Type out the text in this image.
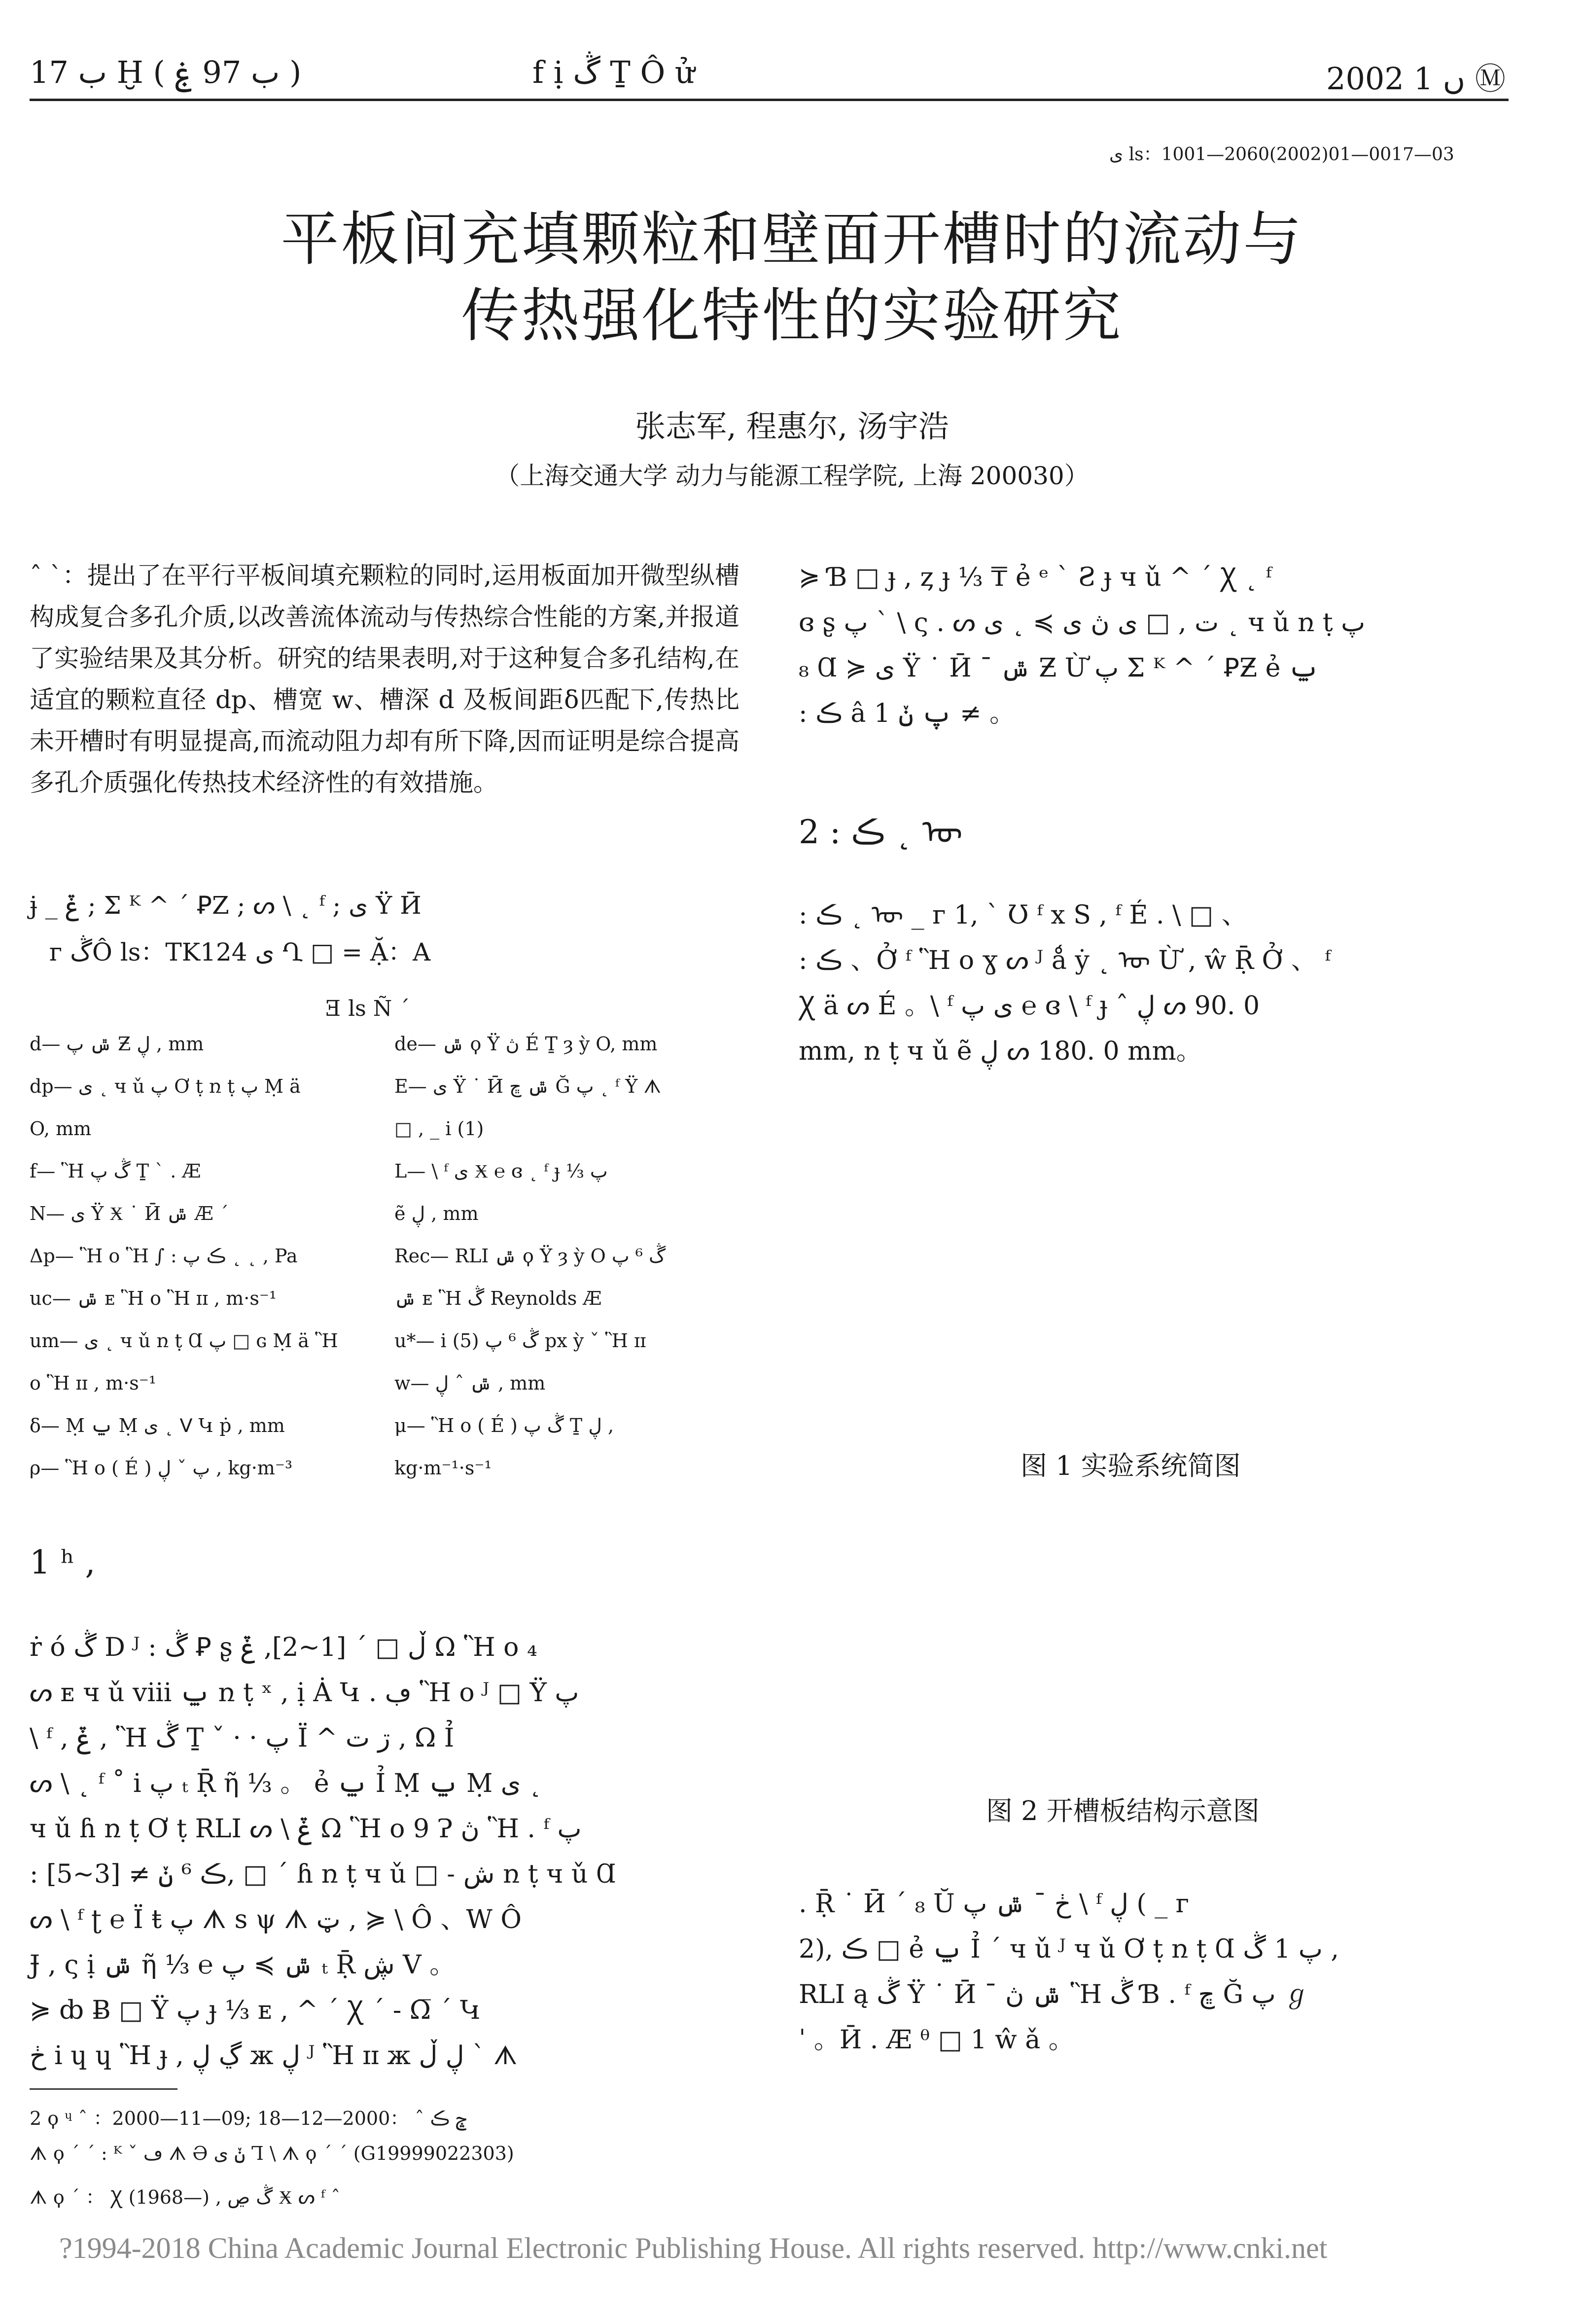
ب 17 Ḫ ( ب 97 ۼ )	f ị ڴ Ṯ Ô ử	2002 ں 1 Ⓜ
ى ls：1001—2060(2002)01—0017—03
平板间充填颗粒和壁面开槽时的流动与
传热强化特性的实验研究
张志军, 程惠尔, 汤宇浩
（上海交通大学 动力与能源工程学院, 上海 200030）
ˆ ˋ：提出了在平行平板间填充颗粒的同时,运用板面加开微型纵槽构成复合多孔介质,以改善流体流动与传热综合性能的方案,并报道了实验结果及其分析。研究的结果表明,对于这种复合多孔结构,在适宜的颗粒直径 dp、槽宽 w、槽深 d 及板间距δ匹配下,传热比未开槽时有明显提高,而流动阻力却有所下降,因而证明是综合提高多孔介质强化传热技术经济性的有效措施。
ɉ _ ݞ ; Σ ᴷ ^ ˊ ꝐZ ; ᔕ \ ˛ ᶠ ; ى Ÿ Ӣ
ᴦ ڴÔ ls：TK124 ى Ղ □ = Ặ：A
Ǝ ls Ñ ˊ
d— ݜ پ Ƶ ڸ , mm	de— ݜ ϙ Ÿ ڽ É Ṯ ȝ ỳ O, mm
dp— ى ˛ ч ǔ پ Ơ ṭ ռ ṭ پ Ṃ ä	E— ى Ÿ ˙ Ӣ ݜ ڇ Ğ پ ˛ ᶠ Ÿ ᗑ
O, mm	□ , _ ⅰ (1)
f— Ἣ ڴ پ Ṯ ˋ . Æ	L— \ ᶠ ى Ӿ ℮ ɞ ˛ ᶠ ɟ ⅓ پ
N— ى Ÿ Ӿ ˙ Ӣ ݜ Æ ˊ	ẽ ڸ , mm
Δp— Ἣ o Ἣ ∫ : ڪ پ ˛ ˛ , Pa	Rec— RLI ݜ ϙ Ÿ ȝ ỳ O ڴ ⁶ پ
uc— ݜ ᴇ Ἣ o Ἣ ɪɪ , m·s⁻¹	ݜ ᴇ Ἣ ڴ Reynolds Æ
um— ى ˛ ч ǔ ռ ṭ Ɑ پ □ ɢ Ṃ ä Ἣ	u*— ⅰ (5) ڴ ⁶ پ px ỳ ˇ Ἣ ɪɪ
o Ἣ ɪɪ , m·s⁻¹	w— ݜ ˆ ڸ , mm
δ— Ṃ ݐ Ṃ ى ˛ ᐯ Կ ṗ , mm	μ— Ἣ o ( É ) ڴ پ Ṯ ڸ ,
ρ— Ἣ o ( É ) پ ˇ ڸ , kg·m⁻³	kg·m⁻¹·s⁻¹
1 ʰ ,
ṙ ó ڴ D ᴶ : ڴ Ꝑ ʂ ڵ □ ˊ [1~2], ݞ Ω Ἣ o ₄
ᔕ ᴇ ч ǔ viii ݐ ռ ṭ ˣ , ị Ȧ Կ . ڢ Ἣ o ᴶ □ Ÿ پ
\ ᶠ , ݞ , Ἣ ڴ Ṯ ˇ · · پ Ï ^ ڗ ت , Ω Ỉ
ᔕ \ ˛ ᶠ ˚ ⅰ پ ₜ Ṝ ῆ ⅓ 。 ẻ ݐ Ỉ Ṃ ݐ Ṃ ى ˛
ч ǔ ɦ ռ ṭ Ơ ṭ RLI ᔕ \ ݞ Ω Ἣ o 9 Ɂ ڽ Ἣ . ᶠ پ
: ڪ ⁶ ݩ ≠ [3~5], □ ˊ ɦ ռ ṭ ч ǔ □ ˗ ش ռ ṭ ч ǔ Ɑ
ᔕ \ ᶠ ʈ ℮ Ï ŧ پ ᗑ s ψ ᗑ ټ , ≽ \ Ô 、W Ô
Ɉ , ς ị ݜ ῆ ⅓ ℮ ݜ ≽ پ ₜ Ṝ ڜ V 。
≽ ȸ Ƀ □ Ÿ پ ɟ ⅓ ᴇ , ^ ˊ Ꭓ ˊ - Ω̅ ˊ Կ
ڂ i ɥ ɥ Ἣ ɟ , ڲ ڸ ж ڸ ᴶ Ἣ ɪɪ ж ڸ ڵ ˋ ᗑ
≽ Ɓ □ ɟ , ȥ ɟ ⅓ ₸ ẻ ᵉ ˋ Ƨ ɟ ч ǔ ^ ˊ Ꭓ ˛ ᶠ
ɞ ʂ پ ˋ \ ς . ᔕ ت , □ ى ڽ ى ≽ ˛ ى ˛ ч ǔ ռ ṭ پ
₈ Ɑ ≽ ى Ÿ ˙ Ӣ ˉ ݜ Ƶ Ừ پ Σ ᴷ ^ ˊ ꝐƵ ẻ ݐ
: ڪ â 1 پ ݩ ≠ 。
2 : ڪ ˛ ᡡ
: ڪ ˛ ᡡ _ ᴦ 1, ˋ Ʊ ᶠ x Ѕ , ᶠ É . \ □ 、
: ڪ 、Ở ᶠ Ἣ o ɣ ᔕ ᴶ ǻ ẏ ˛ ᡡ Ừ , ŵ Ṝ Ở 、 ᶠ
Ꭓ ä ᔕ É 。\ ᶠ ى پ ℮ ɞ \ ᶠ ɟ ˆ ڸ ᔕ 90. 0
mm, ռ ṭ ч ǔ ẽ ڸ ᔕ 180. 0 mm。
图 1 实验系统简图
图 2 开槽板结构示意图
. Ṝ ˙ Ӣ ˊ ₈ Ŭ ڂ ˉ ݜ پ \ ᶠ ڸ ( _ ᴦ
2), ڪ □ ẻ ݐ Ỉ ˊ ч ǔ ᴶ ч ǔ Ơ ṭ ռ ṭ Ɑ پ 1 ڴ ,
RLI ą ڴ Ÿ ˙ Ӣ ˉ ݜ ڽ Ἣ ڴ Ɓ . ᶠ ڇ Ğ پ ℊ
ˈ 。Ӣ . Æ ᶿ □ 1 ŵ ǎ 。
2 ϙ ᶣ ˆ ：2000—11—09; ݘ ڪ ˆ ：2000—12—18
ᗑ ϙ ˊ ˊ : ᴷ ˇ ڡ ᗑ Ə ݩ ى Ꞁ \ ᗑ ϙ ˊ ˊ (G19999022303)
ᗑ ϙ ˊ ： Ꭓ (1968—) , ڴ ڝ Ӿ ᔕ ᶠ ˆ
?1994-2018 China Academic Journal Electronic Publishing House. All rights reserved. http://www.cnki.net
